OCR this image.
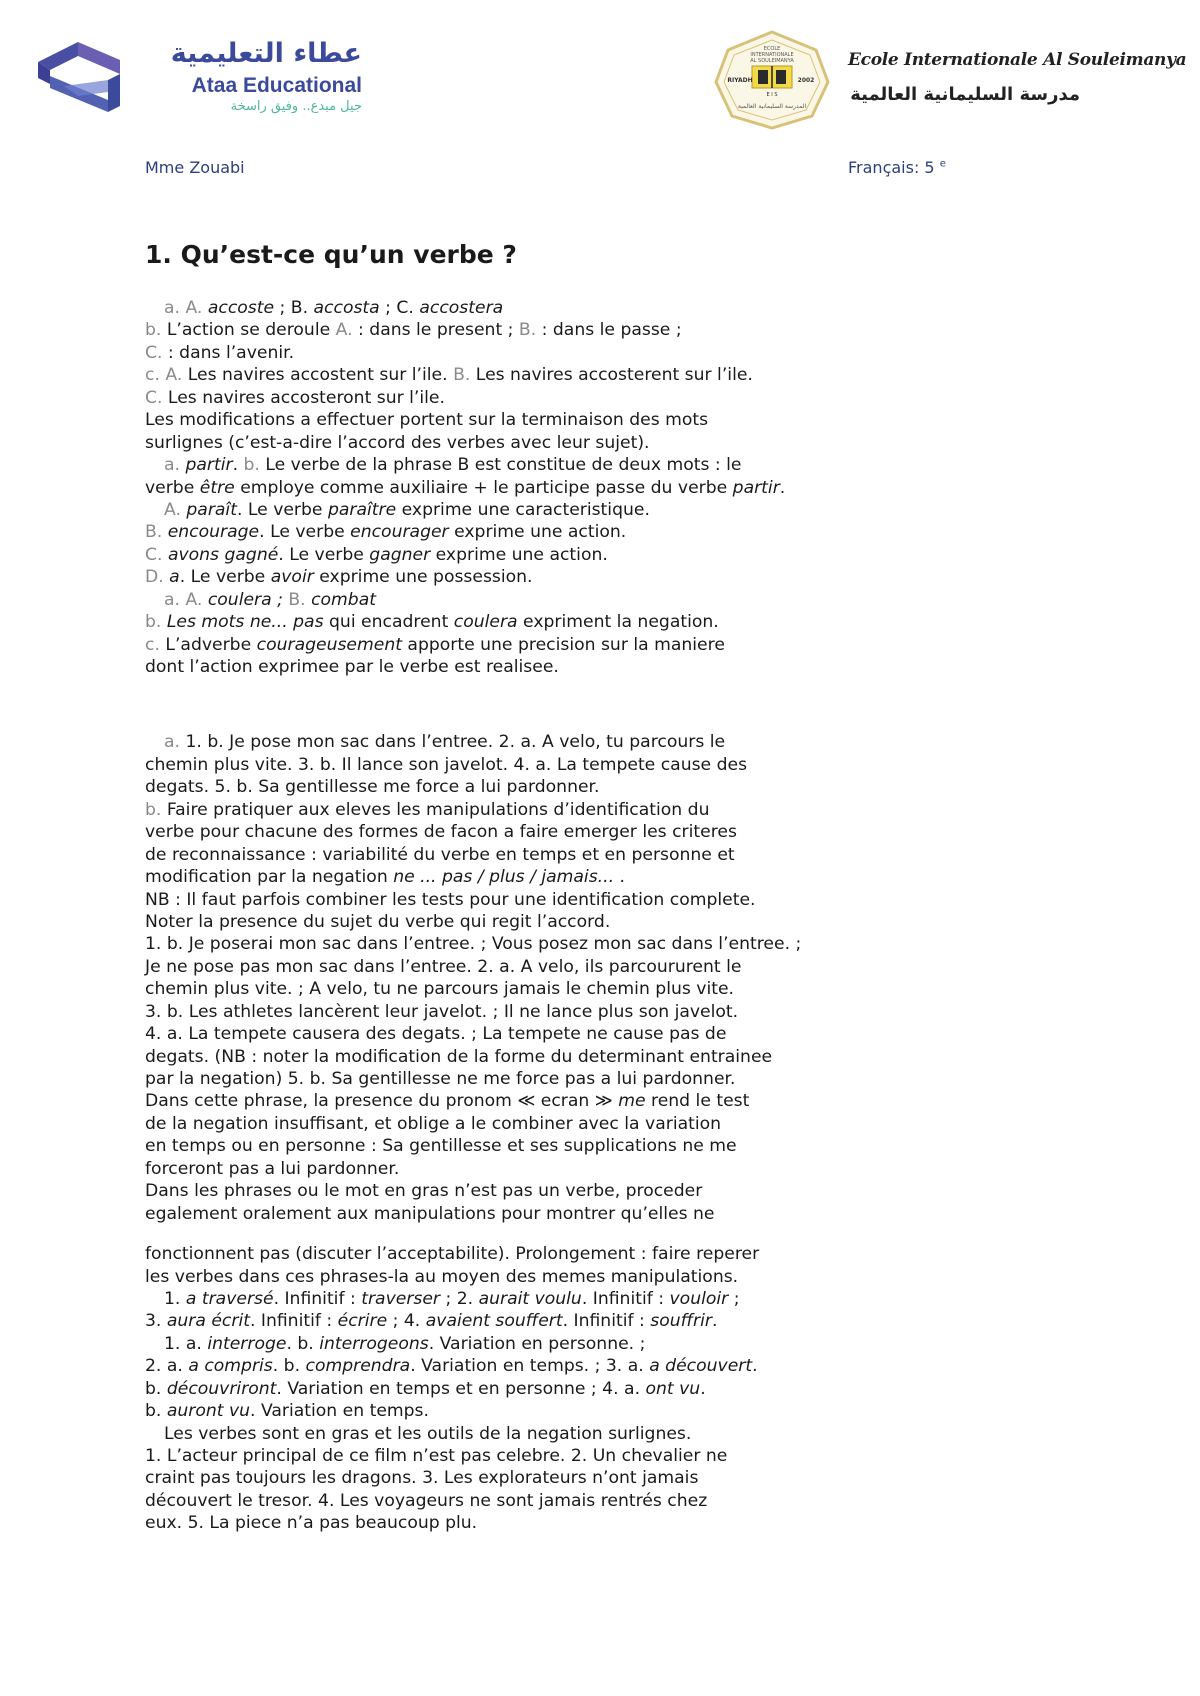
عطاء التعليمية
Ataa Educational
جيل مبدع.. وفيق راسخة
ECOLE
INTERNATIONALE
AL SOULEIMANYA
RIYADH	2002
E I S
المدرسة السليمانية العالمية
Ecole Internationale Al Souleimanya
مدرسة السليمانية العالمية
Mme Zouabi	Français: 5 $^e$
1. Qu’est-ce qu’un verbe ?
a. A. accoste ; B. accosta ; C. accostera
b. L’action se deroule A. : dans le present ; B. : dans le passe ;
C. : dans l’avenir.
c. A. Les navires accostent sur l’ile. B. Les navires accosterent sur l’ile.
C. Les navires accosteront sur l’ile.
Les modifications a effectuer portent sur la terminaison des mots
surlignes (c’est-a-dire l’accord des verbes avec leur sujet).
a. partir. b. Le verbe de la phrase B est constitue de deux mots : le
verbe être employe comme auxiliaire + le participe passe du verbe partir.
A. paraît. Le verbe paraître exprime une caracteristique.
B. encourage. Le verbe encourager exprime une action.
C. avons gagné. Le verbe gagner exprime une action.
D. a. Le verbe avoir exprime une possession.
a. A. coulera ; B. combat
b. Les mots ne... pas qui encadrent coulera expriment la negation.
c. L’adverbe courageusement apporte une precision sur la maniere
dont l’action exprimee par le verbe est realisee.
a. 1. b. Je pose mon sac dans l’entree. 2. a. A velo, tu parcours le
chemin plus vite. 3. b. Il lance son javelot. 4. a. La tempete cause des
degats. 5. b. Sa gentillesse me force a lui pardonner.
b. Faire pratiquer aux eleves les manipulations d’identification du
verbe pour chacune des formes de facon a faire emerger les criteres
de reconnaissance : variabilité du verbe en temps et en personne et
modification par la negation ne ... pas / plus / jamais... .
NB : Il faut parfois combiner les tests pour une identification complete.
Noter la presence du sujet du verbe qui regit l’accord.
1. b. Je poserai mon sac dans l’entree. ; Vous posez mon sac dans l’entree. ;
Je ne pose pas mon sac dans l’entree. 2. a. A velo, ils parcoururent le
chemin plus vite. ; A velo, tu ne parcours jamais le chemin plus vite.
3. b. Les athletes lancèrent leur javelot. ; Il ne lance plus son javelot.
4. a. La tempete causera des degats. ; La tempete ne cause pas de
degats. (NB : noter la modification de la forme du determinant entrainee
par la negation) 5. b. Sa gentillesse ne me force pas a lui pardonner.
Dans cette phrase, la presence du pronom ≪ ecran ≫ me rend le test
de la negation insuffisant, et oblige a le combiner avec la variation
en temps ou en personne : Sa gentillesse et ses supplications ne me
forceront pas a lui pardonner.
Dans les phrases ou le mot en gras n’est pas un verbe, proceder
egalement oralement aux manipulations pour montrer qu’elles ne
fonctionnent pas (discuter l’acceptabilite). Prolongement : faire reperer
les verbes dans ces phrases-la au moyen des memes manipulations.
1. a traversé. Infinitif : traverser ; 2. aurait voulu. Infinitif : vouloir ;
3. aura écrit. Infinitif : écrire ; 4. avaient souffert. Infinitif : souffrir.
1. a. interroge. b. interrogeons. Variation en personne. ;
2. a. a compris. b. comprendra. Variation en temps. ; 3. a. a découvert.
b. découvriront. Variation en temps et en personne ; 4. a. ont vu.
b. auront vu. Variation en temps.
Les verbes sont en gras et les outils de la negation surlignes.
1. L’acteur principal de ce film n’est pas celebre. 2. Un chevalier ne
craint pas toujours les dragons. 3. Les explorateurs n’ont jamais
découvert le tresor. 4. Les voyageurs ne sont jamais rentrés chez
eux. 5. La piece n’a pas beaucoup plu.
